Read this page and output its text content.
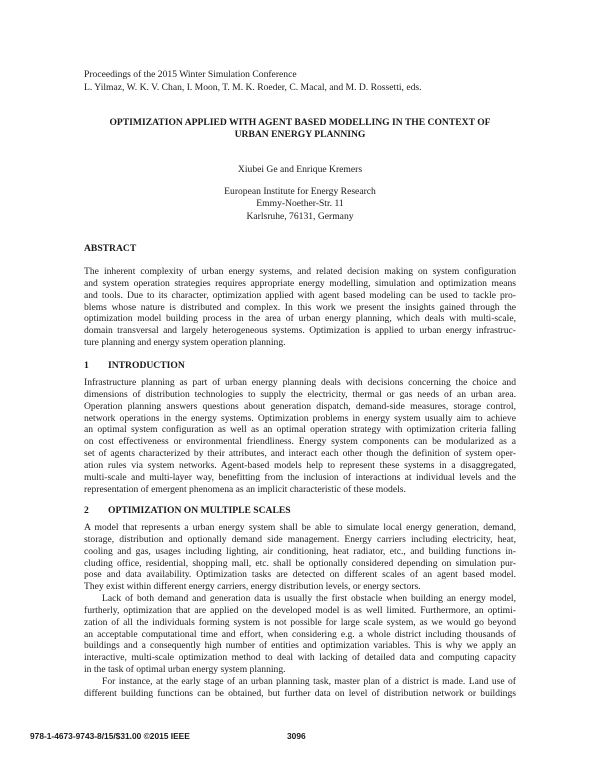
Proceedings of the 2015 Winter Simulation Conference
L. Yilmaz, W. K. V. Chan, I. Moon, T. M. K. Roeder, C. Macal, and M. D. Rossetti, eds.
OPTIMIZATION APPLIED WITH AGENT BASED MODELLING IN THE CONTEXT OF
URBAN ENERGY PLANNING
Xiubei Ge and Enrique Kremers
European Institute for Energy Research
Emmy-Noether-Str. 11
Karlsruhe, 76131, Germany
ABSTRACT
The inherent complexity of urban energy systems, and related decision making on system configuration
and system operation strategies requires appropriate energy modelling, simulation and optimization means
and tools. Due to its character, optimization applied with agent based modeling can be used to tackle pro-
blems whose nature is distributed and complex. In this work we present the insights gained through the
optimization model building process in the area of urban energy planning, which deals with multi-scale,
domain transversal and largely heterogeneous systems. Optimization is applied to urban energy infrastruc-
ture planning and energy system operation planning.
1 INTRODUCTION
Infrastructure planning as part of urban energy planning deals with decisions concerning the choice and
dimensions of distribution technologies to supply the electricity, thermal or gas needs of an urban area.
Operation planning answers questions about generation dispatch, demand-side measures, storage control,
network operations in the energy systems. Optimization problems in energy system usually aim to achieve
an optimal system configuration as well as an optimal operation strategy with optimization criteria falling
on cost effectiveness or environmental friendliness. Energy system components can be modularized as a
set of agents characterized by their attributes, and interact each other though the definition of system oper-
ation rules via system networks. Agent-based models help to represent these systems in a disaggregated,
multi-scale and multi-layer way, benefitting from the inclusion of interactions at individual levels and the
representation of emergent phenomena as an implicit characteristic of these models.
2 OPTIMIZATION ON MULTIPLE SCALES
A model that represents a urban energy system shall be able to simulate local energy generation, demand,
storage, distribution and optionally demand side management. Energy carriers including electricity, heat,
cooling and gas, usages including lighting, air conditioning, heat radiator, etc., and building functions in-
cluding office, residential, shopping mall, etc. shall be optionally considered depending on simulation pur-
pose and data availability. Optimization tasks are detected on different scales of an agent based model.
They exist within different energy carriers, energy distribution levels, or energy sectors.
Lack of both demand and generation data is usually the first obstacle when building an energy model,
furtherly, optimization that are applied on the developed model is as well limited. Furthermore, an optimi-
zation of all the individuals forming system is not possible for large scale system, as we would go beyond
an acceptable computational time and effort, when considering e.g. a whole district including thousands of
buildings and a consequently high number of entities and optimization variables. This is why we apply an
interactive, multi-scale optimization method to deal with lacking of detailed data and computing capacity
in the task of optimal urban energy system planning.
For instance, at the early stage of an urban planning task, master plan of a district is made. Land use of
different building functions can be obtained, but further data on level of distribution network or buildings
978-1-4673-9743-8/15/$31.00 ©2015 IEEE	3096
